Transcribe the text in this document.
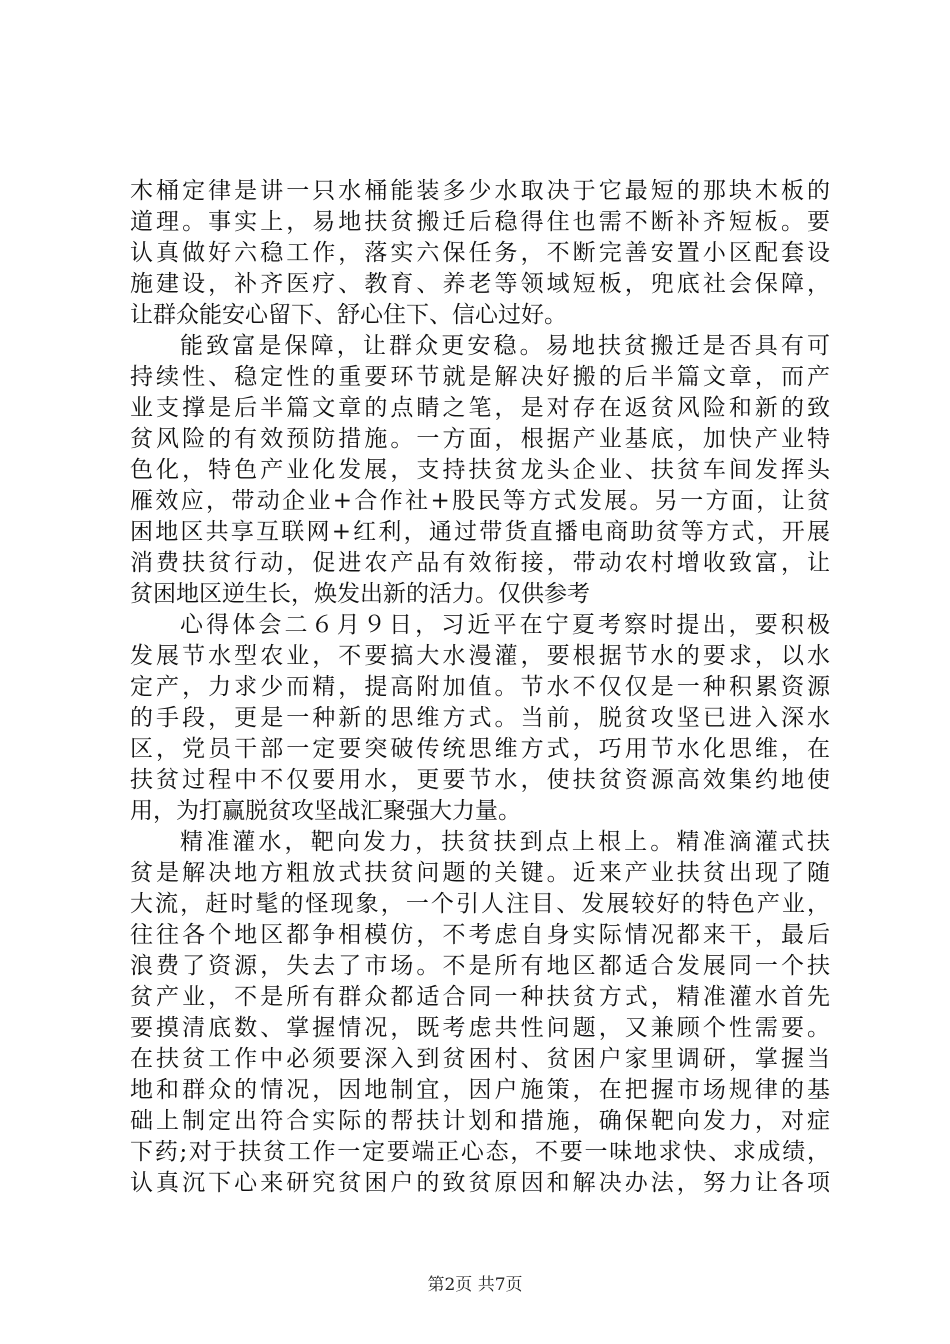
木桶定律是讲一只水桶能装多少水取决于它最短的那块木板的
道理。事实上，易地扶贫搬迁后稳得住也需不断补齐短板。要
认真做好六稳工作，落实六保任务，不断完善安置小区配套设
施建设，补齐医疗、教育、养老等领域短板，兜底社会保障，
让群众能安心留下、舒心住下、信心过好。
能致富是保障，让群众更安稳。易地扶贫搬迁是否具有可
持续性、稳定性的重要环节就是解决好搬的后半篇文章，而产
业支撑是后半篇文章的点睛之笔，是对存在返贫风险和新的致
贫风险的有效预防措施。一方面，根据产业基底，加快产业特
色化，特色产业化发展，支持扶贫龙头企业、扶贫车间发挥头
雁效应，带动企业+合作社+股民等方式发展。另一方面，让贫
困地区共享互联网+红利，通过带货直播电商助贫等方式，开展
消费扶贫行动，促进农产品有效衔接，带动农村增收致富，让
贫困地区逆生长，焕发出新的活力。仅供参考
心得体会二６月９日，习近平在宁夏考察时提出，要积极
发展节水型农业，不要搞大水漫灌，要根据节水的要求，以水
定产，力求少而精，提高附加值。节水不仅仅是一种积累资源
的手段，更是一种新的思维方式。当前，脱贫攻坚已进入深水
区，党员干部一定要突破传统思维方式，巧用节水化思维，在
扶贫过程中不仅要用水，更要节水，使扶贫资源高效集约地使
用，为打赢脱贫攻坚战汇聚强大力量。
精准灌水，靶向发力，扶贫扶到点上根上。精准滴灌式扶
贫是解决地方粗放式扶贫问题的关键。近来产业扶贫出现了随
大流，赶时髦的怪现象，一个引人注目、发展较好的特色产业，
往往各个地区都争相模仿，不考虑自身实际情况都来干，最后
浪费了资源，失去了市场。不是所有地区都适合发展同一个扶
贫产业，不是所有群众都适合同一种扶贫方式，精准灌水首先
要摸清底数、掌握情况，既考虑共性问题，又兼顾个性需要。
在扶贫工作中必须要深入到贫困村、贫困户家里调研，掌握当
地和群众的情况，因地制宜，因户施策，在把握市场规律的基
础上制定出符合实际的帮扶计划和措施，确保靶向发力，对症
下药;对于扶贫工作一定要端正心态，不要一味地求快、求成绩，
认真沉下心来研究贫困户的致贫原因和解决办法，努力让各项
第2页 共7页
